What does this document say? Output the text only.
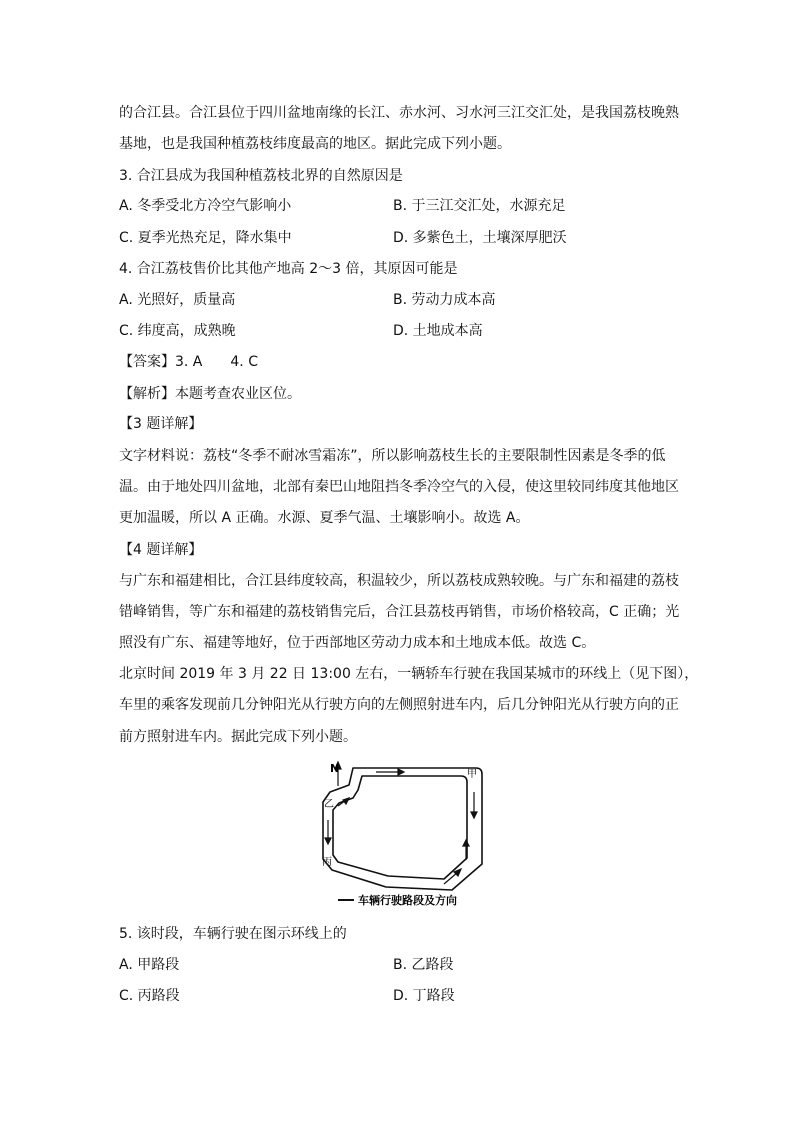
的合江县。合江县位于四川盆地南缘的长江、赤水河、习水河三江交汇处，是我国荔枝晚熟
基地，也是我国种植荔枝纬度最高的地区。据此完成下列小题。
3. 合江县成为我国种植荔枝北界的自然原因是
A. 冬季受北方冷空气影响小	B. 于三江交汇处，水源充足
C. 夏季光热充足，降水集中	D. 多紫色土，土壤深厚肥沃
4. 合江荔枝售价比其他产地高 2～3 倍，其原因可能是
A. 光照好，质量高	B. 劳动力成本高
C. 纬度高，成熟晚	D. 土地成本高
【答案】3. A　　4. C
【解析】本题考查农业区位。
【3 题详解】
文字材料说：荔枝“冬季不耐冰雪霜冻”，所以影响荔枝生长的主要限制性因素是冬季的低
温。由于地处四川盆地，北部有秦巴山地阻挡冬季冷空气的入侵，使这里较同纬度其他地区
更加温暖，所以 A 正确。水源、夏季气温、土壤影响小。故选 A。
【4 题详解】
与广东和福建相比，合江县纬度较高，积温较少，所以荔枝成熟较晚。与广东和福建的荔枝
错峰销售，等广东和福建的荔枝销售完后，合江县荔枝再销售，市场价格较高，C 正确；光
照没有广东、福建等地好，位于西部地区劳动力成本和土地成本低。故选 C。
北京时间 2019 年 3 月 22 日 13:00 左右，一辆轿车行驶在我国某城市的环线上（见下图），
车里的乘客发现前几分钟阳光从行驶方向的左侧照射进车内，后几分钟阳光从行驶方向的正
前方照射进车内。据此完成下列小题。
N	甲
乙
丙
丁
车辆行驶路段及方向
5. 该时段，车辆行驶在图示环线上的
A. 甲路段	B. 乙路段
C. 丙路段	D. 丁路段
